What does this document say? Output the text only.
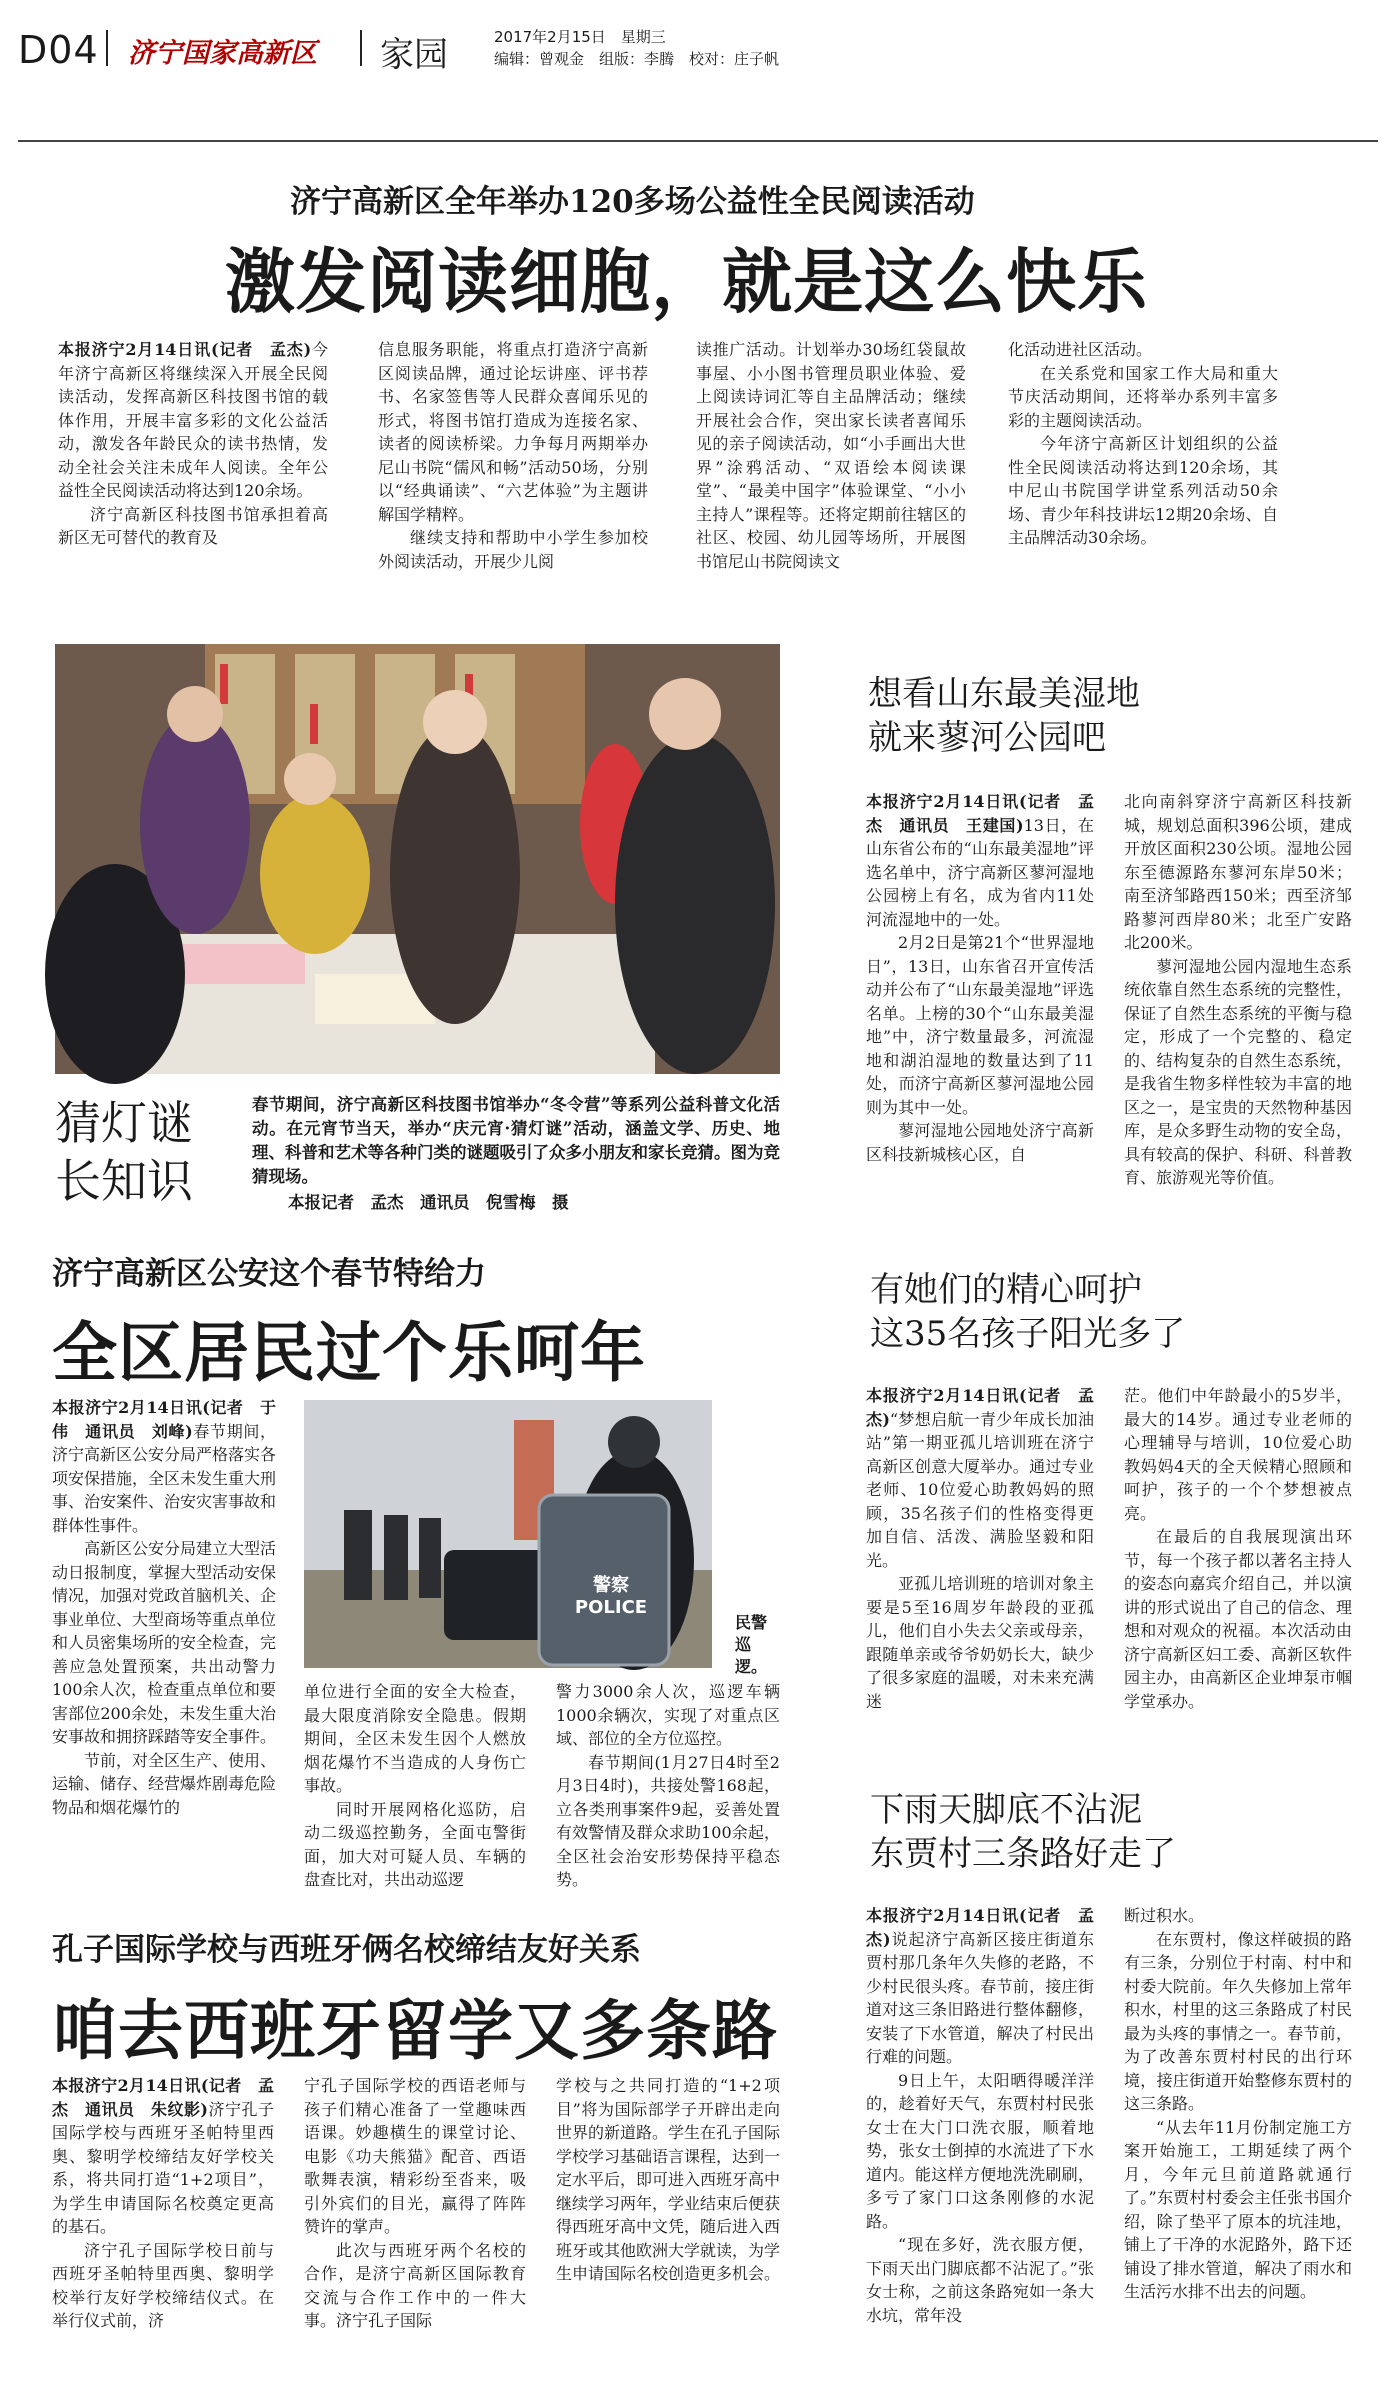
D04 济宁国家高新区 家园	2017年2月15日　星期三
编辑：曾观金　组版：李腾　校对：庄子帆
济宁高新区全年举办120多场公益性全民阅读活动
激发阅读细胞，就是这么快乐

本报济宁2月14日讯(记者　孟杰)今年济宁高新区将继续深入开展全民阅读活动，发挥高新区科技图书馆的载体作用，开展丰富多彩的文化公益活动，激发各年龄民众的读书热情，发动全社会关注未成年人阅读。全年公益性全民阅读活动将达到120余场。

济宁高新区科技图书馆承担着高新区无可替代的教育及

信息服务职能，将重点打造济宁高新区阅读品牌，通过论坛讲座、评书荐书、名家签售等人民群众喜闻乐见的形式，将图书馆打造成为连接名家、读者的阅读桥梁。力争每月两期举办尼山书院“儒风和畅”活动50场，分别以“经典诵读”、“六艺体验”为主题讲解国学精粹。

继续支持和帮助中小学生参加校外阅读活动，开展少儿阅

读推广活动。计划举办30场红袋鼠故事屋、小小图书管理员职业体验、爱上阅读诗词汇等自主品牌活动；继续开展社会合作，突出家长读者喜闻乐见的亲子阅读活动，如“小手画出大世界”涂鸦活动、“双语绘本阅读课堂”、“最美中国字”体验课堂、“小小主持人”课程等。还将定期前往辖区的社区、校园、幼儿园等场所，开展图书馆尼山书院阅读文

化活动进社区活动。

在关系党和国家工作大局和重大节庆活动期间，还将举办系列丰富多彩的主题阅读活动。

今年济宁高新区计划组织的公益性全民阅读活动将达到120余场，其中尼山书院国学讲堂系列活动50余场、青少年科技讲坛12期20余场、自主品牌活动30余场。

猜灯谜
长知识
春节期间，济宁高新区科技图书馆举办“冬令营”等系列公益科普文化活动。在元宵节当天，举办“庆元宵·猜灯谜”活动，涵盖文学、历史、地理、科普和艺术等各种门类的谜题吸引了众多小朋友和家长竞猜。图为竞猜现场。
本报记者　孟杰　通讯员　倪雪梅　摄
想看山东最美湿地
就来蓼河公园吧

本报济宁2月14日讯(记者　孟杰　通讯员　王建国)13日，在山东省公布的“山东最美湿地”评选名单中，济宁高新区蓼河湿地公园榜上有名，成为省内11处河流湿地中的一处。

2月2日是第21个“世界湿地日”，13日，山东省召开宣传活动并公布了“山东最美湿地”评选名单。上榜的30个“山东最美湿地”中，济宁数量最多，河流湿地和湖泊湿地的数量达到了11处，而济宁高新区蓼河湿地公园则为其中一处。

蓼河湿地公园地处济宁高新区科技新城核心区，自

北向南斜穿济宁高新区科技新城，规划总面积396公顷，建成开放区面积230公顷。湿地公园东至德源路东蓼河东岸50米；南至济邹路西150米；西至济邹路蓼河西岸80米；北至广安路北200米。

蓼河湿地公园内湿地生态系统依靠自然生态系统的完整性，保证了自然生态系统的平衡与稳定，形成了一个完整的、稳定的、结构复杂的自然生态系统，是我省生物多样性较为丰富的地区之一，是宝贵的天然物种基因库，是众多野生动物的安全岛，具有较高的保护、科研、科普教育、旅游观光等价值。

济宁高新区公安这个春节特给力
全区居民过个乐呵年

本报济宁2月14日讯(记者　于伟　通讯员　刘峰)春节期间，济宁高新区公安分局严格落实各项安保措施，全区未发生重大刑事、治安案件、治安灾害事故和群体性事件。

高新区公安分局建立大型活动日报制度，掌握大型活动安保情况，加强对党政首脑机关、企事业单位、大型商场等重点单位和人员密集场所的安全检查，完善应急处置预案，共出动警力100余人次，检查重点单位和要害部位200余处，未发生重大治安事故和拥挤踩踏等安全事件。

节前，对全区生产、使用、运输、储存、经营爆炸剧毒危险物品和烟花爆竹的

警察 POLICE
民警巡逻。

单位进行全面的安全大检查，最大限度消除安全隐患。假期期间，全区未发生因个人燃放烟花爆竹不当造成的人身伤亡事故。

同时开展网格化巡防，启动二级巡控勤务，全面屯警街面，加大对可疑人员、车辆的盘查比对，共出动巡逻

警力3000余人次，巡逻车辆1000余辆次，实现了对重点区域、部位的全方位巡控。

春节期间(1月27日4时至2月3日4时)，共接处警168起，立各类刑事案件9起，妥善处置有效警情及群众求助100余起，全区社会治安形势保持平稳态势。

有她们的精心呵护
这35名孩子阳光多了

本报济宁2月14日讯(记者　孟杰)“梦想启航一青少年成长加油站”第一期亚孤儿培训班在济宁高新区创意大厦举办。通过专业老师、10位爱心助教妈妈的照顾，35名孩子们的性格变得更加自信、活泼、满脸坚毅和阳光。

亚孤儿培训班的培训对象主要是5至16周岁年龄段的亚孤儿，他们自小失去父亲或母亲，跟随单亲或爷爷奶奶长大，缺少了很多家庭的温暖，对未来充满迷

茫。他们中年龄最小的5岁半，最大的14岁。通过专业老师的心理辅导与培训，10位爱心助教妈妈4天的全天候精心照顾和呵护，孩子的一个个梦想被点亮。

在最后的自我展现演出环节，每一个孩子都以著名主持人的姿态向嘉宾介绍自己，并以演讲的形式说出了自己的信念、理想和对观众的祝福。本次活动由济宁高新区妇工委、高新区软件园主办，由高新区企业坤泵市帼学堂承办。

孔子国际学校与西班牙俩名校缔结友好关系
咱去西班牙留学又多条路

本报济宁2月14日讯(记者　孟杰　通讯员　朱纹影)济宁孔子国际学校与西班牙圣帕特里西奥、黎明学校缔结友好学校关系，将共同打造“1+2项目”，为学生申请国际名校奠定更高的基石。

济宁孔子国际学校日前与西班牙圣帕特里西奥、黎明学校举行友好学校缔结仪式。在举行仪式前，济

宁孔子国际学校的西语老师与孩子们精心准备了一堂趣味西语课。妙趣横生的课堂讨论、电影《功夫熊猫》配音、西语歌舞表演，精彩纷至沓来，吸引外宾们的目光，赢得了阵阵赞许的掌声。

此次与西班牙两个名校的合作，是济宁高新区国际教育交流与合作工作中的一件大事。济宁孔子国际

学校与之共同打造的“1+2项目”将为国际部学子开辟出走向世界的新道路。学生在孔子国际学校学习基础语言课程，达到一定水平后，即可进入西班牙高中继续学习两年，学业结束后便获得西班牙高中文凭，随后进入西班牙或其他欧洲大学就读，为学生申请国际名校创造更多机会。

下雨天脚底不沾泥
东贾村三条路好走了

本报济宁2月14日讯(记者　孟杰)说起济宁高新区接庄街道东贾村那几条年久失修的老路，不少村民很头疼。春节前，接庄街道对这三条旧路进行整体翻修，安装了下水管道，解决了村民出行难的问题。

9日上午，太阳晒得暖洋洋的，趁着好天气，东贾村村民张女士在大门口洗衣服，顺着地势，张女士倒掉的水流进了下水道内。能这样方便地洗洗刷刷，多亏了家门口这条刚修的水泥路。

“现在多好，洗衣服方便，下雨天出门脚底都不沾泥了。”张女士称，之前这条路宛如一条大水坑，常年没

断过积水。

在东贾村，像这样破损的路有三条，分别位于村南、村中和村委大院前。年久失修加上常年积水，村里的这三条路成了村民最为头疼的事情之一。春节前，为了改善东贾村村民的出行环境，接庄街道开始整修东贾村的这三条路。

“从去年11月份制定施工方案开始施工，工期延续了两个月，今年元旦前道路就通行了。”东贾村村委会主任张书国介绍，除了垫平了原本的坑洼地，铺上了干净的水泥路外，路下还铺设了排水管道，解决了雨水和生活污水排不出去的问题。
